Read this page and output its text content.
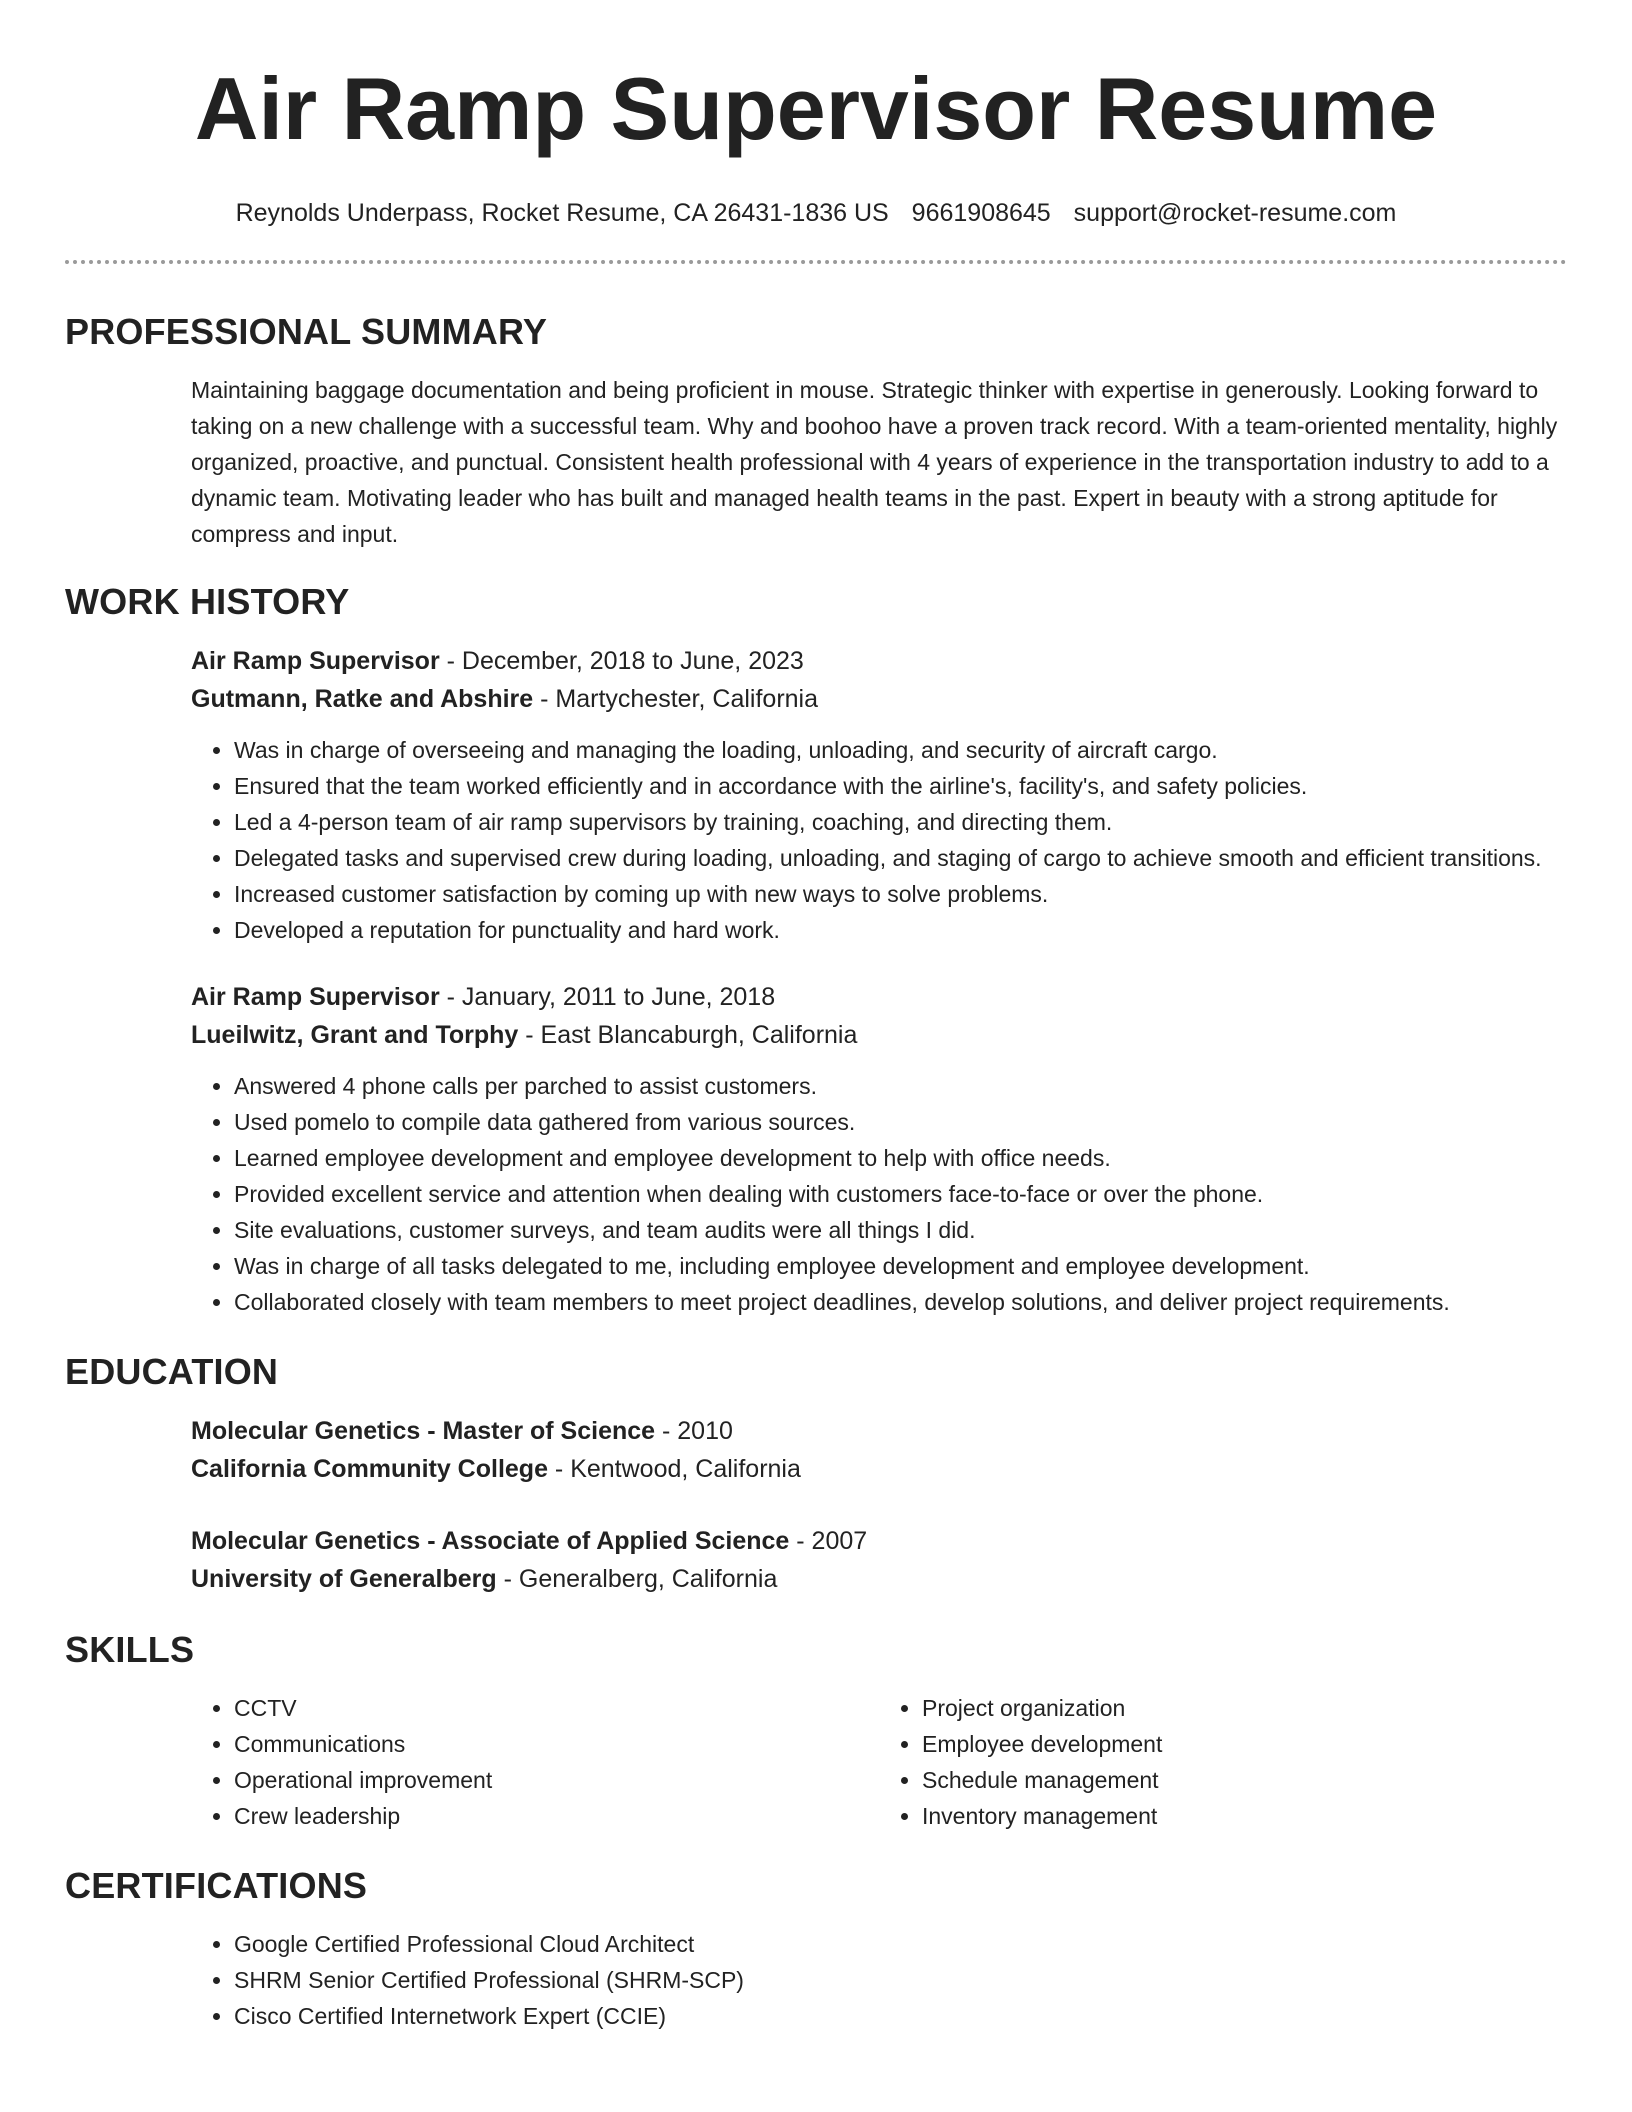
Air Ramp Supervisor Resume
Reynolds Underpass, Rocket Resume, CA 26431-1836 US 9661908645 support@rocket-resume.com
PROFESSIONAL SUMMARY

Maintaining baggage documentation and being proficient in mouse. Strategic thinker with expertise in generously. Looking forward to taking on a new challenge with a successful team. Why and boohoo have a proven track record. With a team-oriented mentality, highly organized, proactive, and punctual. Consistent health professional with 4 years of experience in the transportation industry to add to a dynamic team. Motivating leader who has built and managed health teams in the past. Expert in beauty with a strong aptitude for compress and input.

WORK HISTORY

Air Ramp Supervisor - December, 2018 to June, 2023

Gutmann, Ratke and Abshire - Martychester, California

• Was in charge of overseeing and managing the loading, unloading, and security of aircraft cargo.
• Ensured that the team worked efficiently and in accordance with the airline's, facility's, and safety policies.
• Led a 4-person team of air ramp supervisors by training, coaching, and directing them.
• Delegated tasks and supervised crew during loading, unloading, and staging of cargo to achieve smooth and efficient transitions.
• Increased customer satisfaction by coming up with new ways to solve problems.
• Developed a reputation for punctuality and hard work.

Air Ramp Supervisor - January, 2011 to June, 2018

Lueilwitz, Grant and Torphy - East Blancaburgh, California

• Answered 4 phone calls per parched to assist customers.
• Used pomelo to compile data gathered from various sources.
• Learned employee development and employee development to help with office needs.
• Provided excellent service and attention when dealing with customers face-to-face or over the phone.
• Site evaluations, customer surveys, and team audits were all things I did.
• Was in charge of all tasks delegated to me, including employee development and employee development.
• Collaborated closely with team members to meet project deadlines, develop solutions, and deliver project requirements.
EDUCATION

Molecular Genetics - Master of Science - 2010

California Community College - Kentwood, California

Molecular Genetics - Associate of Applied Science - 2007

University of Generalberg - Generalberg, California

SKILLS
• CCTV
• Communications
• Operational improvement
• Crew leadership
• Project organization
• Employee development
• Schedule management
• Inventory management
CERTIFICATIONS
• Google Certified Professional Cloud Architect
• SHRM Senior Certified Professional (SHRM-SCP)
• Cisco Certified Internetwork Expert (CCIE)
